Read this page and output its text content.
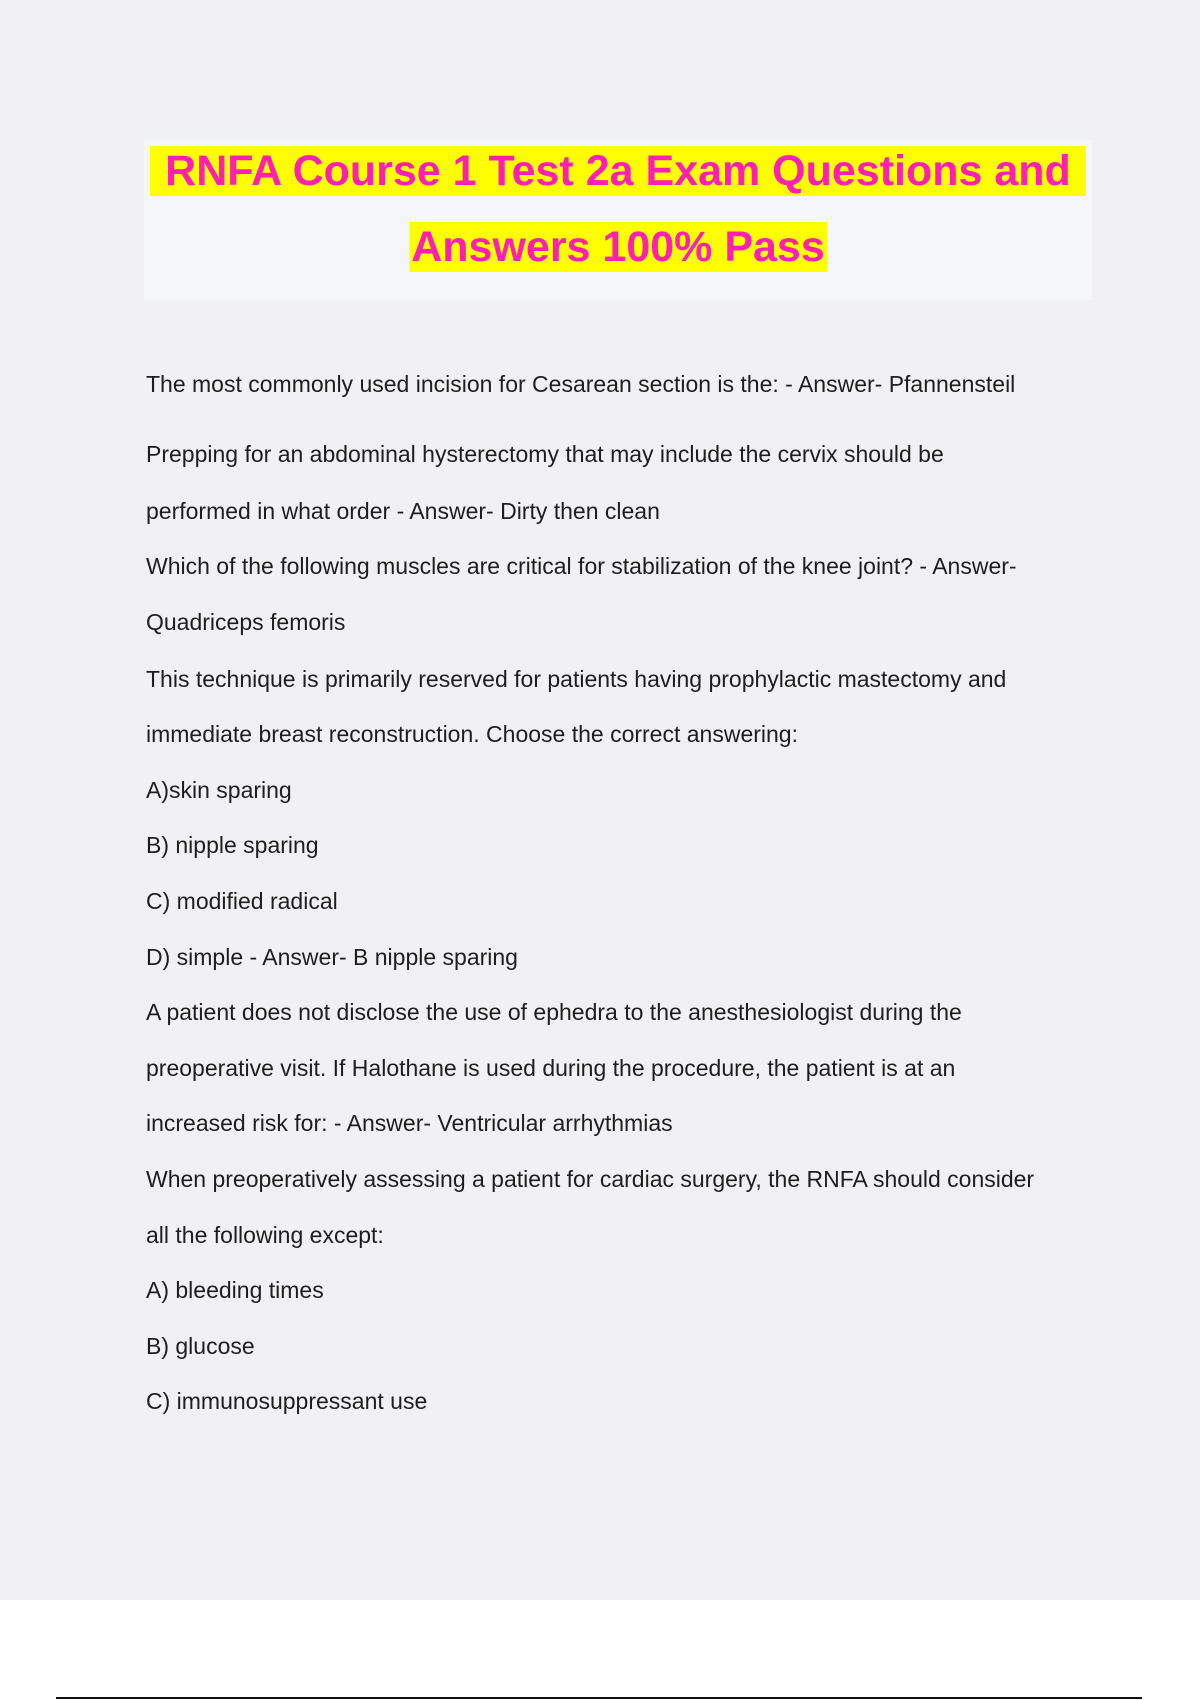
RNFA Course 1 Test 2a Exam Questions and
Answers 100% Pass
The most commonly used incision for Cesarean section is the: - Answer- Pfannensteil
Prepping for an abdominal hysterectomy that may include the cervix should be
performed in what order - Answer- Dirty then clean
Which of the following muscles are critical for stabilization of the knee joint? - Answer-
Quadriceps femoris
This technique is primarily reserved for patients having prophylactic mastectomy and
immediate breast reconstruction. Choose the correct answering:
A)skin sparing
B) nipple sparing
C) modified radical
D) simple - Answer- B nipple sparing
A patient does not disclose the use of ephedra to the anesthesiologist during the
preoperative visit. If Halothane is used during the procedure, the patient is at an
increased risk for: - Answer- Ventricular arrhythmias
When preoperatively assessing a patient for cardiac surgery, the RNFA should consider
all the following except:
A) bleeding times
B) glucose
C) immunosuppressant use
